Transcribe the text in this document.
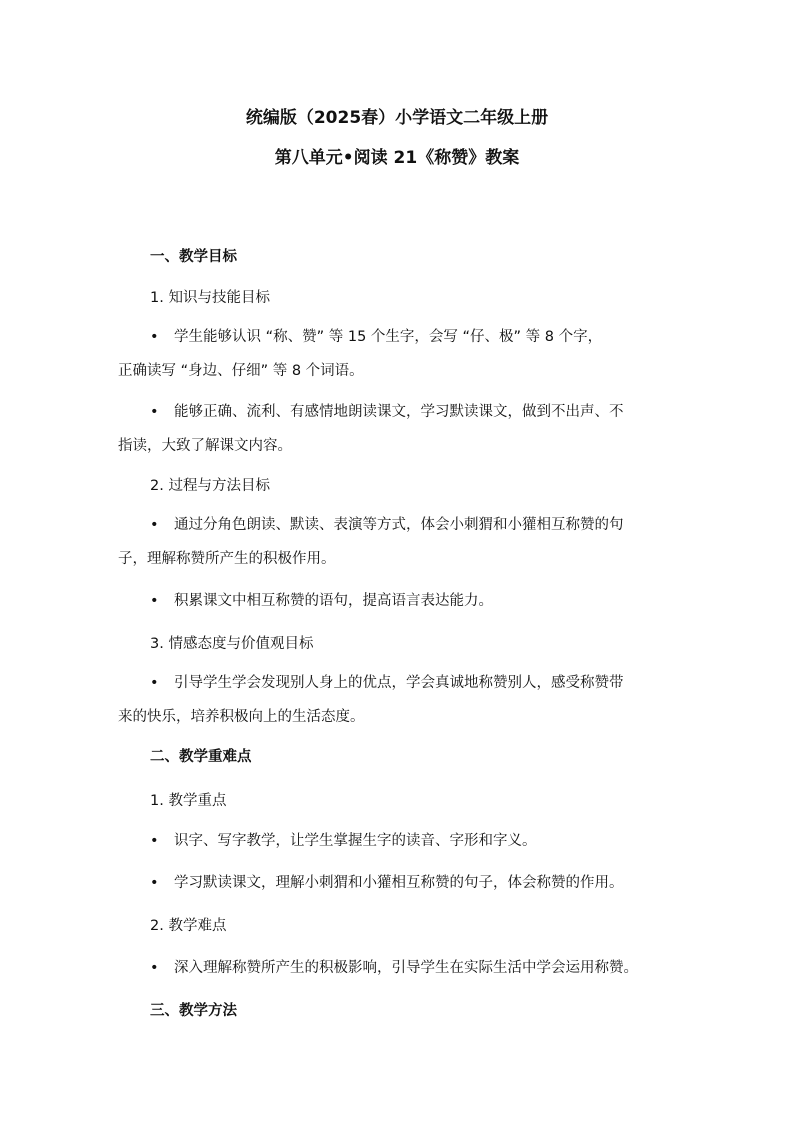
统编版（2025春）小学语文二年级上册
第八单元•阅读 21《称赞》教案
一、教学目标
1. 知识与技能目标
• 学生能够认识 “称、赞” 等 15 个生字，会写 “仔、极” 等 8 个字，
正确读写 “身边、仔细” 等 8 个词语。
• 能够正确、流利、有感情地朗读课文，学习默读课文，做到不出声、不
指读，大致了解课文内容。
2. 过程与方法目标
• 通过分角色朗读、默读、表演等方式，体会小刺猬和小獾相互称赞的句
子，理解称赞所产生的积极作用。
• 积累课文中相互称赞的语句，提高语言表达能力。
3. 情感态度与价值观目标
• 引导学生学会发现别人身上的优点，学会真诚地称赞别人，感受称赞带
来的快乐，培养积极向上的生活态度。
二、教学重难点
1. 教学重点
• 识字、写字教学，让学生掌握生字的读音、字形和字义。
• 学习默读课文，理解小刺猬和小獾相互称赞的句子，体会称赞的作用。
2. 教学难点
• 深入理解称赞所产生的积极影响，引导学生在实际生活中学会运用称赞。
三、教学方法
